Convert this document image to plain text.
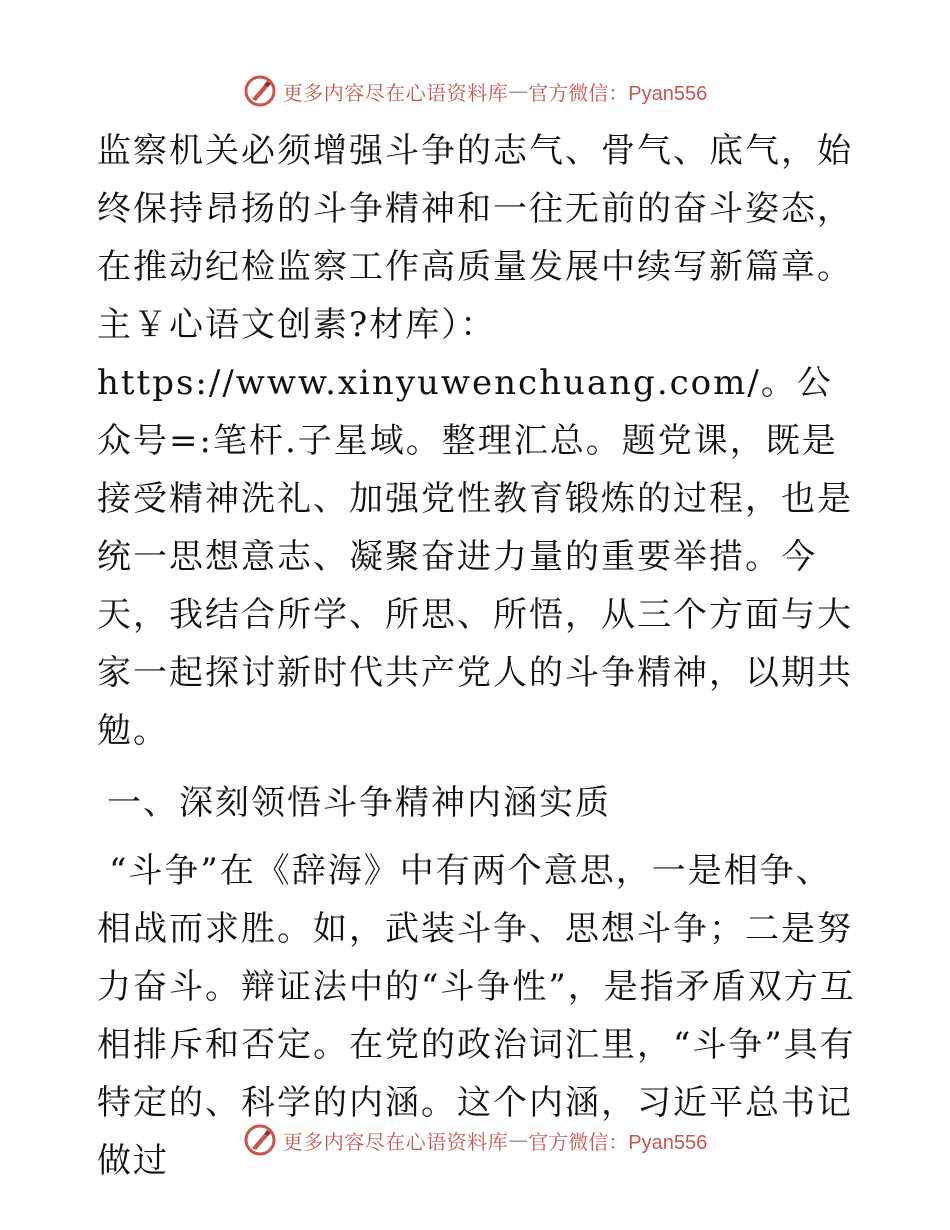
更多内容尽在心语资料库 — 官方微信：Pyan556

监察机关必须增强斗争的志气、骨气、底气，始终保持昂扬的斗争精神和一往无前的奋斗姿态，在推动纪检监察工作高质量发展中续写新篇章。主￥心语文创素?材库）：https://www.xinyuwenchuang.com/。公众号=:笔杆.子星域。整理汇总。题党课，既是接受精神洗礼、加强党性教育锻炼的过程，也是统一思想意志、凝聚奋进力量的重要举措。今天，我结合所学、所思、所悟，从三个方面与大家一起探讨新时代共产党人的斗争精神，以期共勉。

一、深刻领悟斗争精神内涵实质

“斗争”在《辞海》中有两个意思，一是相争、相战而求胜。如，武装斗争、思想斗争；二是努力奋斗。辩证法中的“斗争性”，是指矛盾双方互相排斥和否定。在党的政治词汇里，“斗争”具有特定的、科学的内涵。这个内涵，习近平总书记做过	更多内容尽在心语资料库 — 官方微信：Pyan556
